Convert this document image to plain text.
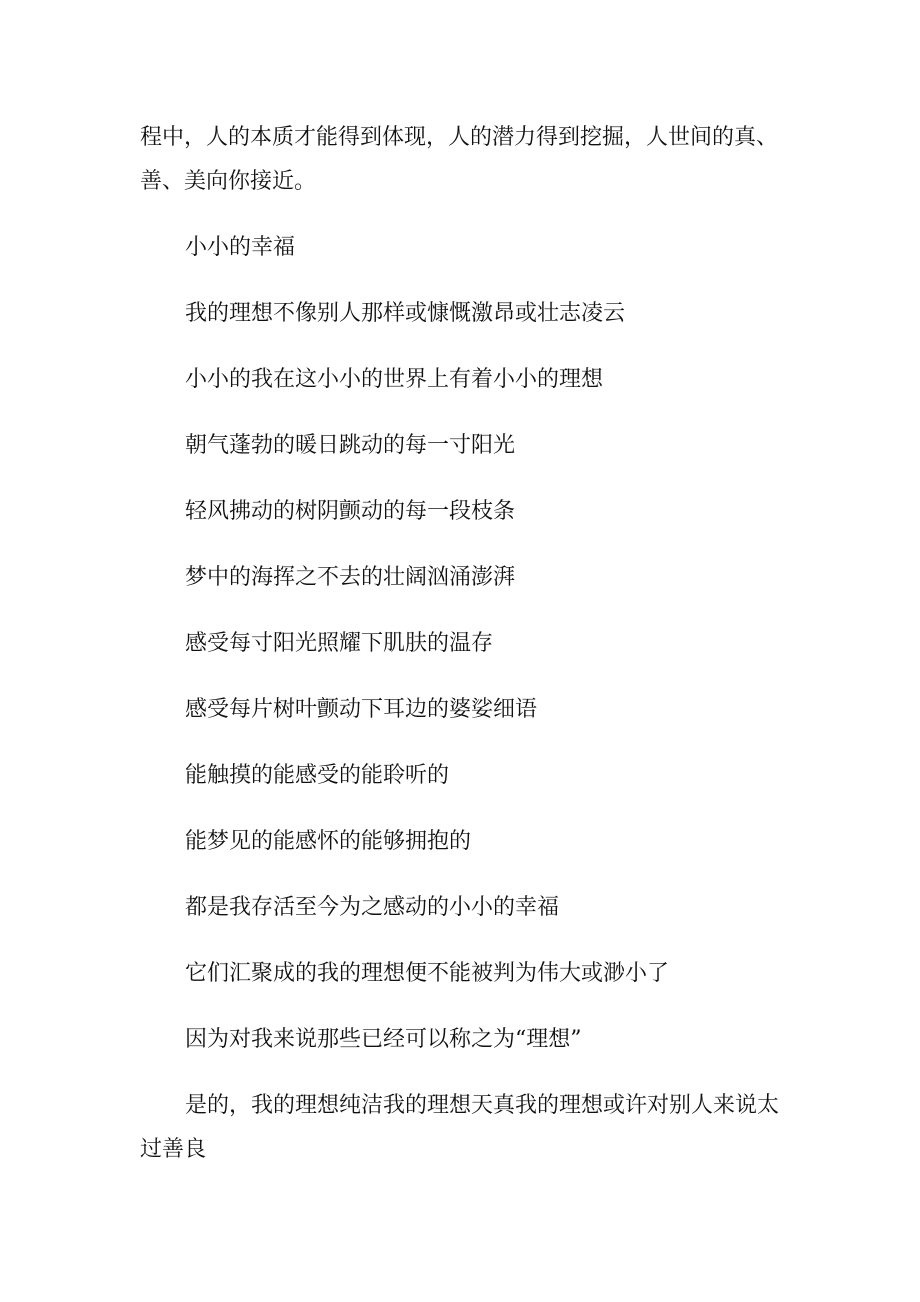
程中，人的本质才能得到体现，人的潜力得到挖掘，人世间的真、善、美向你接近。

小小的幸福

我的理想不像别人那样或慷慨激昂或壮志凌云

小小的我在这小小的世界上有着小小的理想

朝气蓬勃的暖日跳动的每一寸阳光

轻风拂动的树阴颤动的每一段枝条

梦中的海挥之不去的壮阔汹涌澎湃

感受每寸阳光照耀下肌肤的温存

感受每片树叶颤动下耳边的婆娑细语

能触摸的能感受的能聆听的

能梦见的能感怀的能够拥抱的

都是我存活至今为之感动的小小的幸福

它们汇聚成的我的理想便不能被判为伟大或渺小了

因为对我来说那些已经可以称之为“理想”

是的，我的理想纯洁我的理想天真我的理想或许对别人来说太过善良
